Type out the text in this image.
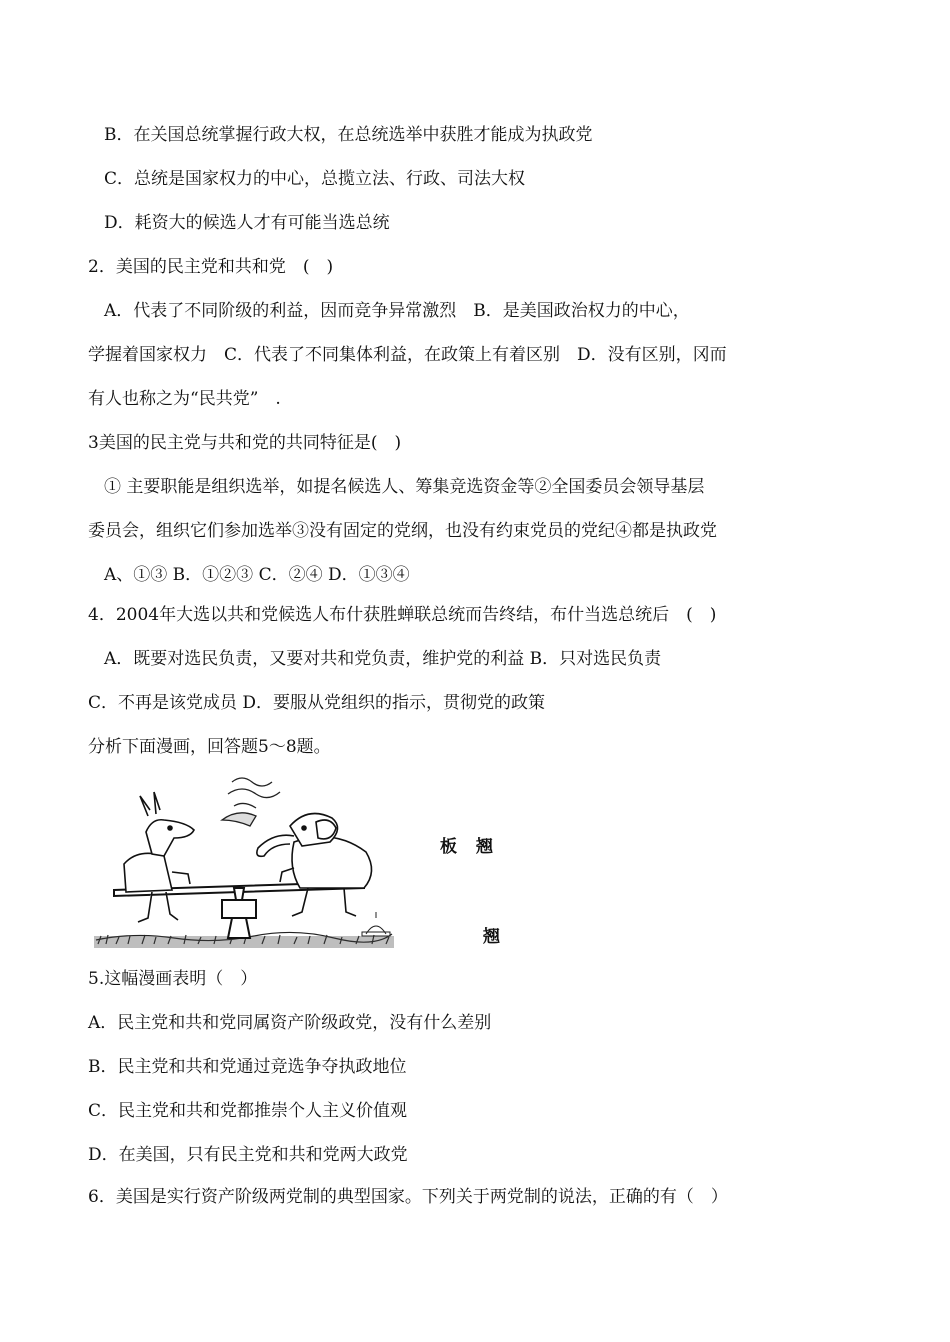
B．在关国总统掌握行政大权，在总统选举中获胜才能成为执政党
C．总统是国家权力的中心，总揽立法、行政、司法大权
D．耗资大的候选人才有可能当选总统
2．美国的民主党和共和党　(　)
A．代表了不同阶级的利益，因而竞争异常激烈　B．是美国政治权力的中心，
学握着国家权力　C．代表了不同集体利益，在政策上有着区别　D．没有区别，冈而
有人也称之为“民共党”　.
3美国的民主党与共和党的共同特征是(　)
① 主要职能是组织选举，如提名候选人、筹集竞选资金等②全国委员会领导基层
委员会，组织它们参加选举③没有固定的党纲，也没有约束党员的党纪④都是执政党
A、①③ B．①②③ C．②④ D．①③④
4．2004年大选以共和党候选人布什获胜蝉联总统而告终结，布什当选总统后　(　)
A．既要对选民负责，又要对共和党负责，维护党的利益 B．只对选民负责
C．不再是该党成员 D．要服从党组织的指示，贯彻党的政策
分析下面漫画，回答题5～8题。
板　翘
翘
5.这幅漫画表明（　）
A．民主党和共和党同属资产阶级政党，没有什么差别
B．民主党和共和党通过竞选争夺执政地位
C．民主党和共和党都推崇个人主义价值观
D．在美国，只有民主党和共和党两大政党
6．美国是实行资产阶级两党制的典型国家。下列关于两党制的说法，正确的有（　）
